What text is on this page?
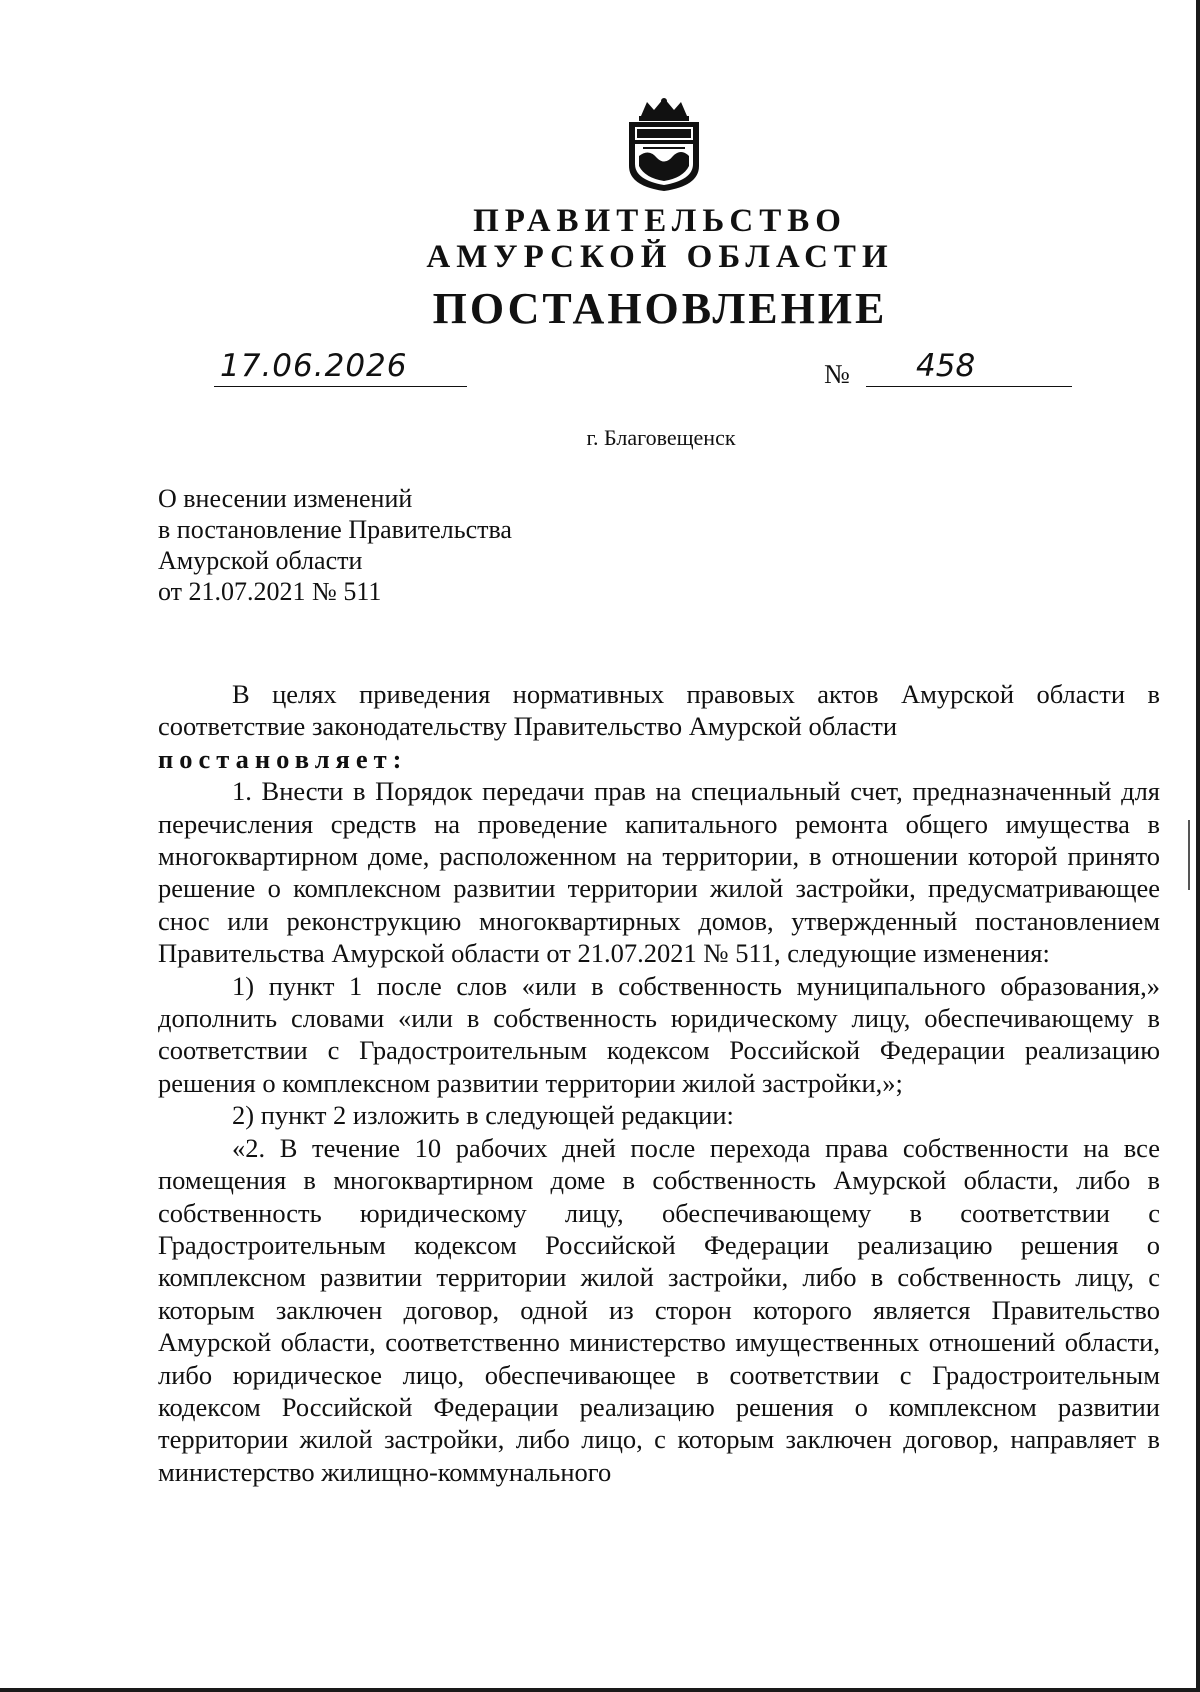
ПРАВИТЕЛЬСТВО
АМУРСКОЙ ОБЛАСТИ
ПОСТАНОВЛЕНИЕ
17.06.2026	№ 458

г. Благовещенск

О внесении изменений
в постановление Правительства
Амурской области
от 21.07.2021 № 511

В целях приведения нормативных правовых актов Амурской области в соответствие законодательству Правительство Амурской области

постановляет:

1. Внести в Порядок передачи прав на специальный счет, предназначенный для перечисления средств на проведение капитального ремонта общего имущества в многоквартирном доме, расположенном на территории, в отношении которой принято решение о комплексном развитии территории жилой застройки, предусматривающее снос или реконструкцию многоквартирных домов, утвержденный постановлением Правительства Амурской области от 21.07.2021 № 511, следующие изменения:

1) пункт 1 после слов «или в собственность муниципального образования,» дополнить словами «или в собственность юридическому лицу, обеспечивающему в соответствии с Градостроительным кодексом Российской Федерации реализацию решения о комплексном развитии территории жилой застройки,»;

2) пункт 2 изложить в следующей редакции:

«2. В течение 10 рабочих дней после перехода права собственности на все помещения в многоквартирном доме в собственность Амурской области, либо в собственность юридическому лицу, обеспечивающему в соответствии с Градостроительным кодексом Российской Федерации реализацию решения о комплексном развитии территории жилой застройки, либо в собственность лицу, с которым заключен договор, одной из сторон которого является Правительство Амурской области, соответственно министерство имущественных отношений области, либо юридическое лицо, обеспечивающее в соответствии с Градостроительным кодексом Российской Федерации реализацию решения о комплексном развитии территории жилой застройки, либо лицо, с которым заключен договор, направляет в министерство жилищно-коммунального
